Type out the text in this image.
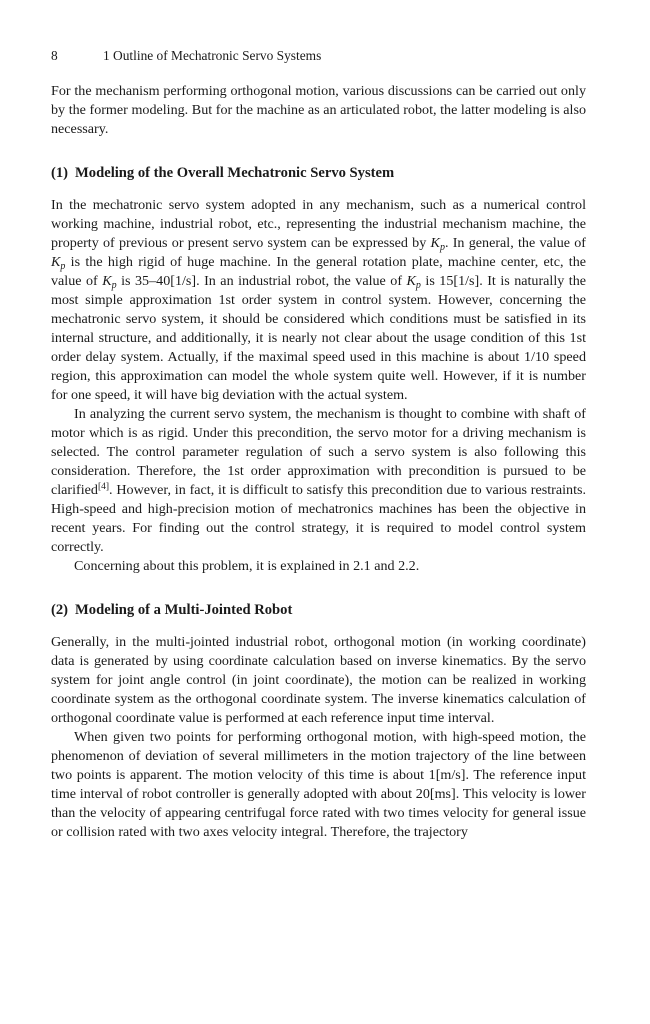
8	1 Outline of Mechatronic Servo Systems

For the mechanism performing orthogonal motion, various discussions can be carried out only by the former modeling. But for the machine as an articulated robot, the latter modeling is also necessary.

(1) Modeling of the Overall Mechatronic Servo System

In the mechatronic servo system adopted in any mechanism, such as a numerical control working machine, industrial robot, etc., representing the industrial mechanism machine, the property of previous or present servo system can be expressed by $K_p$. In general, the value of $K_p$ is the high rigid of huge machine. In the general rotation plate, machine center, etc, the value of $K_p$ is 35–40[1/s]. In an industrial robot, the value of $K_p$ is 15[1/s]. It is naturally the most simple approximation 1st order system in control system. However, concerning the mechatronic servo system, it should be considered which conditions must be satisfied in its internal structure, and additionally, it is nearly not clear about the usage condition of this 1st order delay system. Actually, if the maximal speed used in this machine is about 1/10 speed region, this approximation can model the whole system quite well. However, if it is number for one speed, it will have big deviation with the actual system.

In analyzing the current servo system, the mechanism is thought to combine with shaft of motor which is as rigid. Under this precondition, the servo motor for a driving mechanism is selected. The control parameter regulation of such a servo system is also following this consideration. Therefore, the 1st order approximation with precondition is pursued to be clarified[4]. However, in fact, it is difficult to satisfy this precondition due to various restraints. High-speed and high-precision motion of mechatronics machines has been the objective in recent years. For finding out the control strategy, it is required to model control system correctly.

Concerning about this problem, it is explained in 2.1 and 2.2.

(2) Modeling of a Multi-Jointed Robot

Generally, in the multi-jointed industrial robot, orthogonal motion (in working coordinate) data is generated by using coordinate calculation based on inverse kinematics. By the servo system for joint angle control (in joint coordinate), the motion can be realized in working coordinate system as the orthogonal coordinate system. The inverse kinematics calculation of orthogonal coordinate value is performed at each reference input time interval.

When given two points for performing orthogonal motion, with high-speed motion, the phenomenon of deviation of several millimeters in the motion trajectory of the line between two points is apparent. The motion velocity of this time is about 1[m/s]. The reference input time interval of robot controller is generally adopted with about 20[ms]. This velocity is lower than the velocity of appearing centrifugal force rated with two times velocity for general issue or collision rated with two axes velocity integral. Therefore, the trajectory
